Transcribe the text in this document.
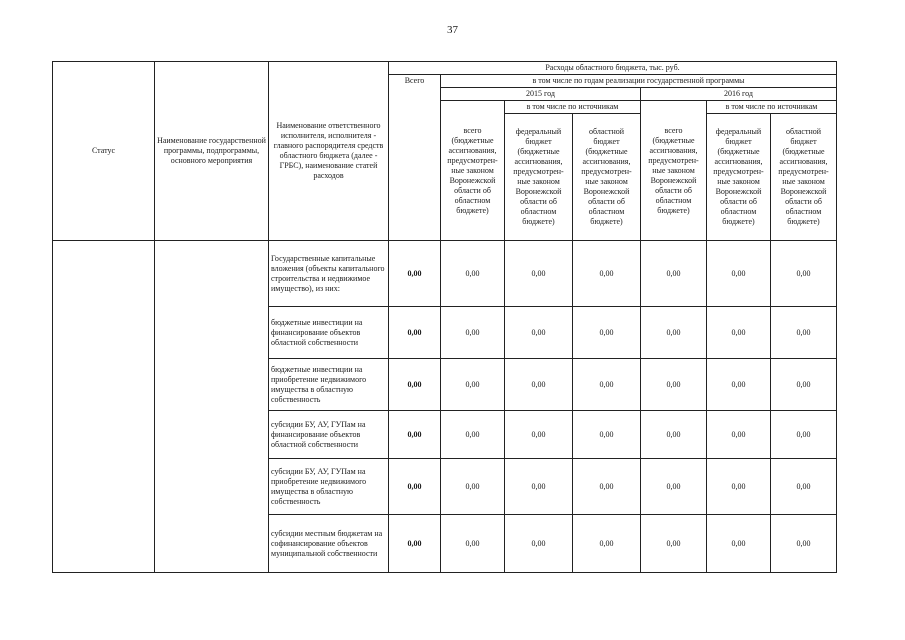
37
Статус	Наименование государственной программы, подпрограммы, основного мероприятия	Наименование ответственного исполнителя, исполнителя - главного распорядителя средств областного бюджета (далее - ГРБС), наименование статей расходов	Расходы областного бюджета, тыс. руб.						
			Всего	в том числе по годам реализации государственной программы					
				2015 год			2016 год		
				всего (бюджетные ассигнования, предусмотрен-ные законом Воронежской области об областном бюджете)	в том числе по источникам		всего (бюджетные ассигнования, предусмотрен-ные законом Воронежской области об областном бюджете)	в том числе по источникам	
					федеральный бюджет (бюджетные ассигнования, предусмотрен-ные законом Воронежской области об областном бюджете)	областной бюджет (бюджетные ассигнования, предусмотрен-ные законом Воронежской области об областном бюджете)		федеральный бюджет (бюджетные ассигнования, предусмотрен-ные законом Воронежской области об областном бюджете)	областной бюджет (бюджетные ассигнования, предусмотрен-ные законом Воронежской области об областном бюджете)
		Государственные капитальные вложения (объекты капитального строительства и недвижимое имущество), из них:	0,00	0,00	0,00	0,00	0,00	0,00	0,00
		бюджетные инвестиции на финансирование объектов областной собственности	0,00	0,00	0,00	0,00	0,00	0,00	0,00
		бюджетные инвестиции на приобретение недвижимого имущества в областную собственность	0,00	0,00	0,00	0,00	0,00	0,00	0,00
		субсидии БУ, АУ, ГУПам на финансирование объектов областной собственности	0,00	0,00	0,00	0,00	0,00	0,00	0,00
		субсидии БУ, АУ, ГУПам на приобретение недвижимого имущества в областную собственность	0,00	0,00	0,00	0,00	0,00	0,00	0,00
		субсидии местным бюджетам на софинансирование объектов муниципальной собственности	0,00	0,00	0,00	0,00	0,00	0,00	0,00
